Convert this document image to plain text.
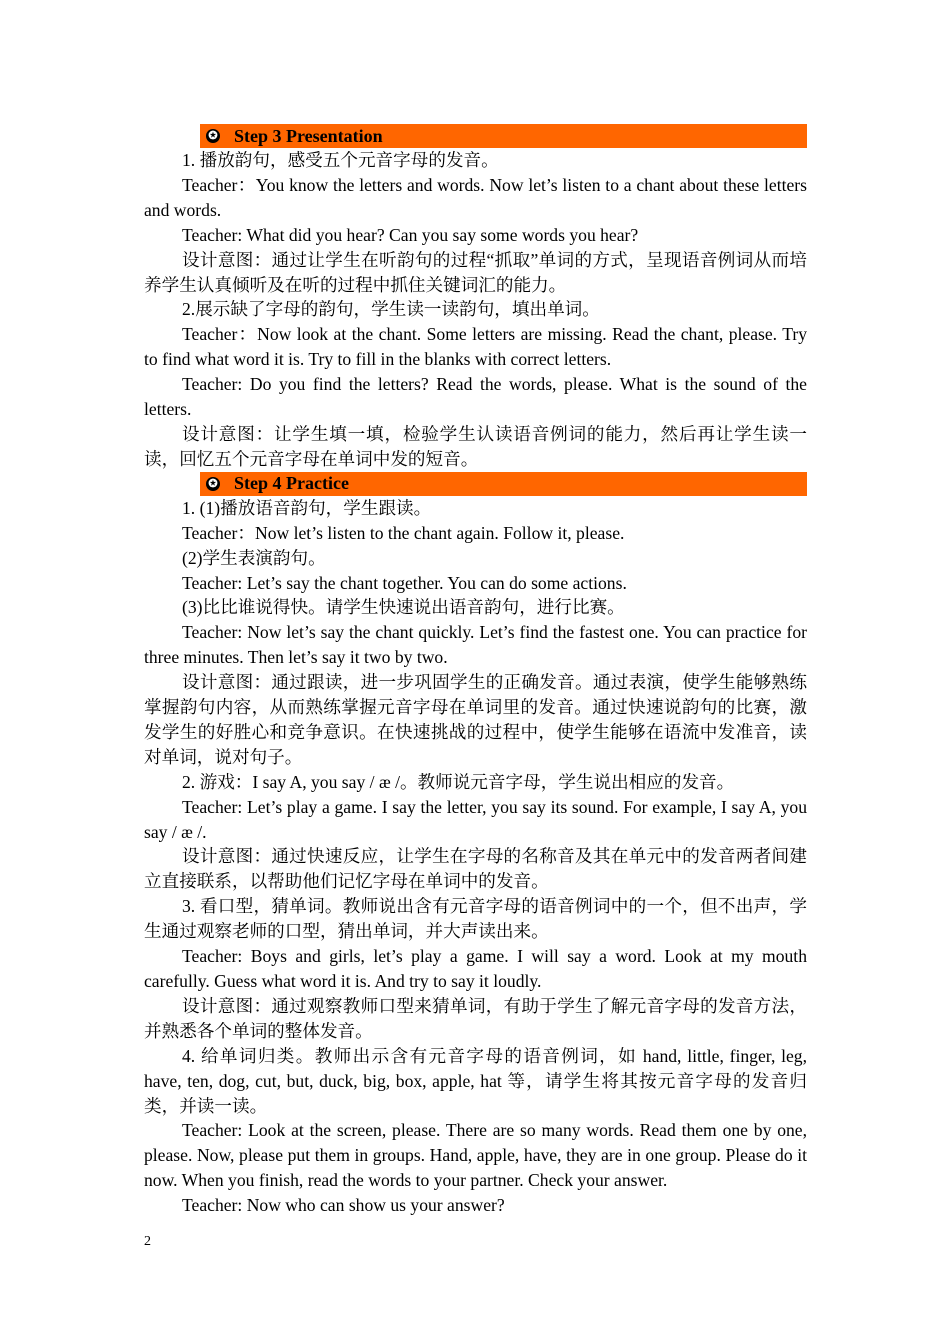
✪ Step 3 Presentation

1. 播放韵句，感受五个元音字母的发音。

Teacher：You know the letters and words. Now let’s listen to a chant about these letters and words.

Teacher: What did you hear? Can you say some words you hear?

设计意图：通过让学生在听韵句的过程“抓取”单词的方式，呈现语音例词从而培养学生认真倾听及在听的过程中抓住关键词汇的能力。

2.展示缺了字母的韵句，学生读一读韵句，填出单词。

Teacher：Now look at the chant. Some letters are missing. Read the chant, please. Try to find what word it is. Try to fill in the blanks with correct letters.

Teacher: Do you find the letters? Read the words, please. What is the sound of the letters.

设计意图：让学生填一填，检验学生认读语音例词的能力，然后再让学生读一读，回忆五个元音字母在单词中发的短音。

✪ Step 4 Practice

1. (1)播放语音韵句，学生跟读。

Teacher：Now let’s listen to the chant again. Follow it, please.

(2)学生表演韵句。

Teacher: Let’s say the chant together. You can do some actions.

(3)比比谁说得快。请学生快速说出语音韵句，进行比赛。

Teacher: Now let’s say the chant quickly. Let’s find the fastest one. You can practice for three minutes. Then let’s say it two by two.

设计意图：通过跟读，进一步巩固学生的正确发音。通过表演，使学生能够熟练掌握韵句内容，从而熟练掌握元音字母在单词里的发音。通过快速说韵句的比赛，激发学生的好胜心和竞争意识。在快速挑战的过程中，使学生能够在语流中发准音，读对单词，说对句子。

2. 游戏：I say A, you say / æ /。教师说元音字母，学生说出相应的发音。

Teacher: Let’s play a game. I say the letter, you say its sound. For example, I say A, you say / æ /.

设计意图：通过快速反应，让学生在字母的名称音及其在单元中的发音两者间建立直接联系，以帮助他们记忆字母在单词中的发音。

3. 看口型，猜单词。教师说出含有元音字母的语音例词中的一个，但不出声，学生通过观察老师的口型，猜出单词，并大声读出来。

Teacher: Boys and girls, let’s play a game. I will say a word. Look at my mouth carefully. Guess what word it is. And try to say it loudly.

设计意图：通过观察教师口型来猜单词，有助于学生了解元音字母的发音方法，并熟悉各个单词的整体发音。

4. 给单词归类。教师出示含有元音字母的语音例词，如 hand, little, finger, leg, have, ten, dog, cut, but, duck, big, box, apple, hat 等，请学生将其按元音字母的发音归类，并读一读。

Teacher: Look at the screen, please. There are so many words. Read them one by one, please. Now, please put them in groups. Hand, apple, have, they are in one group. Please do it now. When you finish, read the words to your partner. Check your answer.

Teacher: Now who can show us your answer?

2
